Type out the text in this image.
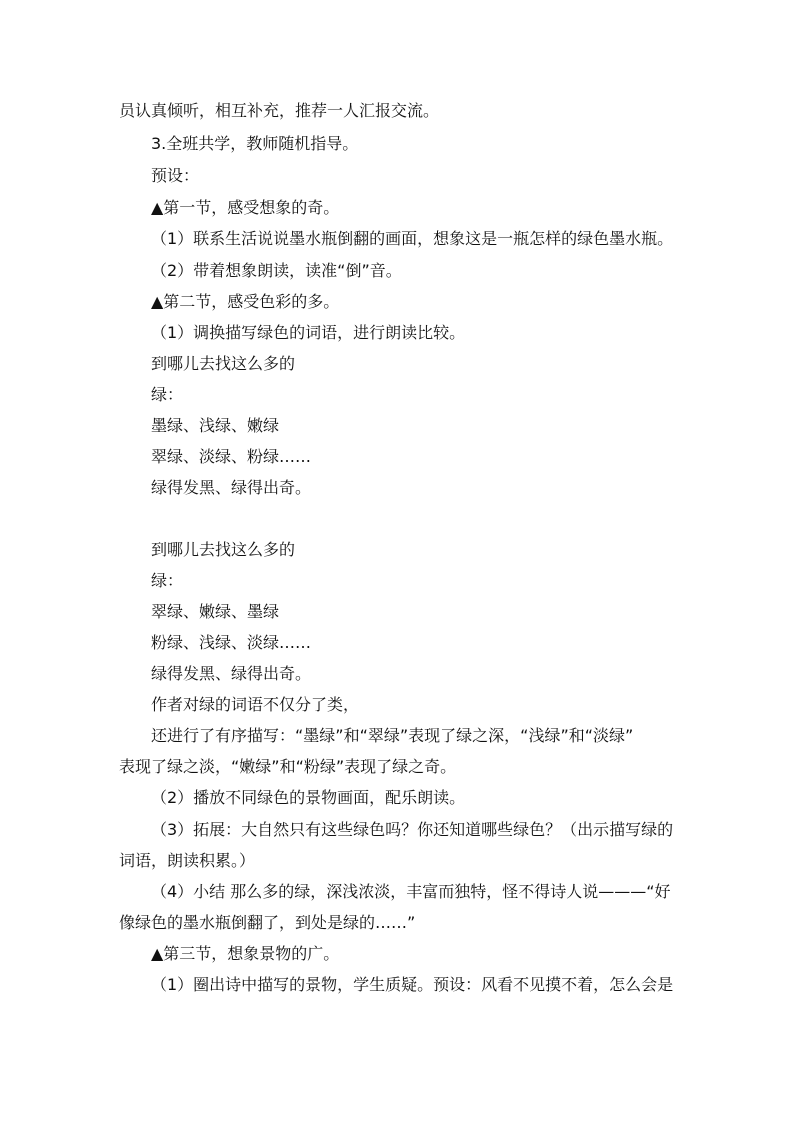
员认真倾听，相互补充，推荐一人汇报交流。
3.全班共学，教师随机指导。
预设：
▲第一节，感受想象的奇。
（1）联系生活说说墨水瓶倒翻的画面，想象这是一瓶怎样的绿色墨水瓶。
（2）带着想象朗读，读准“倒”音。
▲第二节，感受色彩的多。
（1）调换描写绿色的词语，进行朗读比较。
到哪儿去找这么多的
绿：
墨绿、浅绿、嫩绿
翠绿、淡绿、粉绿……
绿得发黑、绿得出奇。
到哪儿去找这么多的
绿：
翠绿、嫩绿、墨绿
粉绿、浅绿、淡绿……
绿得发黑、绿得出奇。
作者对绿的词语不仅分了类，
还进行了有序描写：“墨绿”和“翠绿”表现了绿之深，“浅绿”和“淡绿”
表现了绿之淡，“嫩绿”和“粉绿”表现了绿之奇。
（2）播放不同绿色的景物画面，配乐朗读。
（3）拓展：大自然只有这些绿色吗？你还知道哪些绿色？（出示描写绿的
词语，朗读积累。）
（4）小结 那么多的绿，深浅浓淡，丰富而独特，怪不得诗人说———“好
像绿色的墨水瓶倒翻了，到处是绿的……”
▲第三节，想象景物的广。
（1）圈出诗中描写的景物，学生质疑。预设：风看不见摸不着，怎么会是
